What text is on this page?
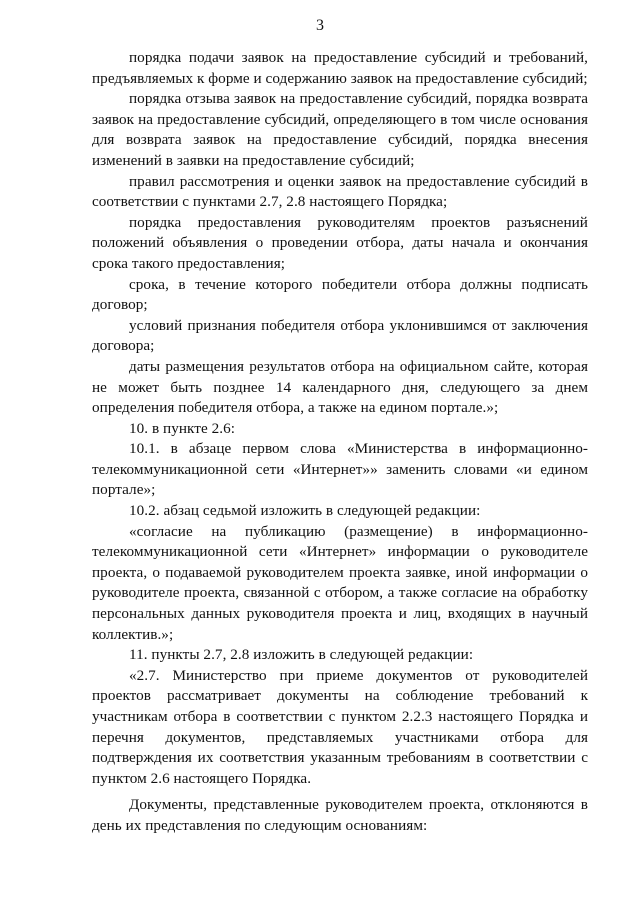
3

порядка подачи заявок на предоставление субсидий и требований, предъявляемых к форме и содержанию заявок на предоставление субсидий;

порядка отзыва заявок на предоставление субсидий, порядка возврата заявок на предоставление субсидий, определяющего в том числе основания для возврата заявок на предоставление субсидий, порядка внесения изменений в заявки на предоставление субсидий;

правил рассмотрения и оценки заявок на предоставление субсидий в соответствии с пунктами 2.7, 2.8 настоящего Порядка;

порядка предоставления руководителям проектов разъяснений положений объявления о проведении отбора, даты начала и окончания срока такого предоставления;

срока, в течение которого победители отбора должны подписать договор;

условий признания победителя отбора уклонившимся от заключения договора;

даты размещения результатов отбора на официальном сайте, которая не может быть позднее 14 календарного дня, следующего за днем определения победителя отбора, а также на едином портале.»;

10. в пункте 2.6:

10.1. в абзаце первом слова «Министерства в информационно-телекоммуникационной сети «Интернет»» заменить словами «и едином портале»;

10.2. абзац седьмой изложить в следующей редакции:

«согласие на публикацию (размещение) в информационно-телекоммуникационной сети «Интернет» информации о руководителе проекта, о подаваемой руководителем проекта заявке, иной информации о руководителе проекта, связанной с отбором, а также согласие на обработку персональных данных руководителя проекта и лиц, входящих в научный коллектив.»;

11. пункты 2.7, 2.8 изложить в следующей редакции:

«2.7. Министерство при приеме документов от руководителей проектов рассматривает документы на соблюдение требований к участникам отбора в соответствии с пунктом 2.2.3 настоящего Порядка и перечня документов, представляемых участниками отбора для подтверждения их соответствия указанным требованиям в соответствии с пунктом 2.6 настоящего Порядка.

Документы, представленные руководителем проекта, отклоняются в день их представления по следующим основаниям:
